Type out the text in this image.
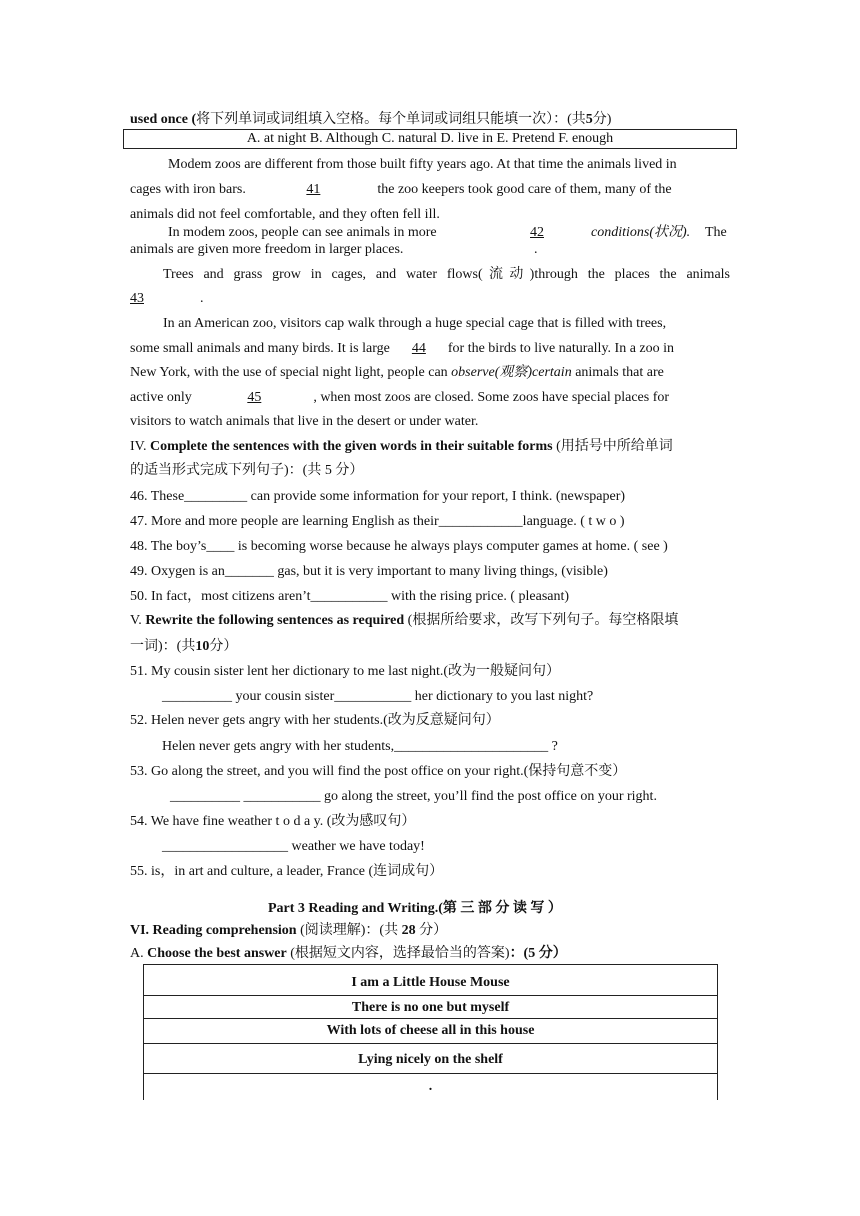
used once (将下列单词或词组填入空格。每个单词或词组只能填一次）：(共5分)
A. at night B. Although C. natural D. live in E. Pretend F. enough
Modem zoos are different from those built fifty years ago. At that time the animals lived in
cages with iron bars.	41	the zoo keepers took good care of them, many of the
animals did not feel comfortable, and they often fell ill.
In modem zoos, people can see animals in more	42	conditions(状况). The
animals are given more freedom in larger places.	.
Trees and grass grow in cages, and water flows(流动)through the places the animals
43	.
In an American zoo, visitors cap walk through a huge special cage that is filled with trees,
some small animals and many birds. It is large 44 for the birds to live naturally. In a zoo in
New York, with the use of special night light, people can observe(观察)certain animals that are
active only	45	, when most zoos are closed. Some zoos have special places for
visitors to watch animals that live in the desert or under water.
IV. Complete the sentences with the given words in their suitable forms (用括号中所给单词
的适当形式完成下列句子)：(共 5 分）
46. These_________ can provide some information for your report, I think. (newspaper)
47. More and more people are learning English as their____________language. ( t w o )
48. The boy’s____ is becoming worse because he always plays computer games at home. ( see )
49. Oxygen is an_______ gas, but it is very important to many living things, (visible)
50. In fact，most citizens aren’t___________ with the rising price. ( pleasant)
V. Rewrite the following sentences as required (根据所给要求，改写下列句子。每空格限填
一词)：(共10分）
51. My cousin sister lent her dictionary to me last night.(改为一般疑问句）
__________ your cousin sister___________ her dictionary to you last night?
52. Helen never gets angry with her students.(改为反意疑问句）
Helen never gets angry with her students,______________________ ?
53. Go along the street, and you will find the post office on your right.(保持句意不变）
__________ ___________ go along the street, you’ll find the post office on your right.
54. We have fine weather t o d a y. (改为感叹句）
__________________ weather we have today!
55. is，in art and culture, a leader, France (连词成句）
Part 3 Reading and Writing.(第 三 部 分 读 写 ）
VI. Reading comprehension (阅读理解)：(共 28 分）
A. Choose the best answer (根据短文内容，选择最恰当的答案)：(5 分）
I am a Little House Mouse
There is no one but myself
With lots of cheese all in this house
Lying nicely on the shelf
.
